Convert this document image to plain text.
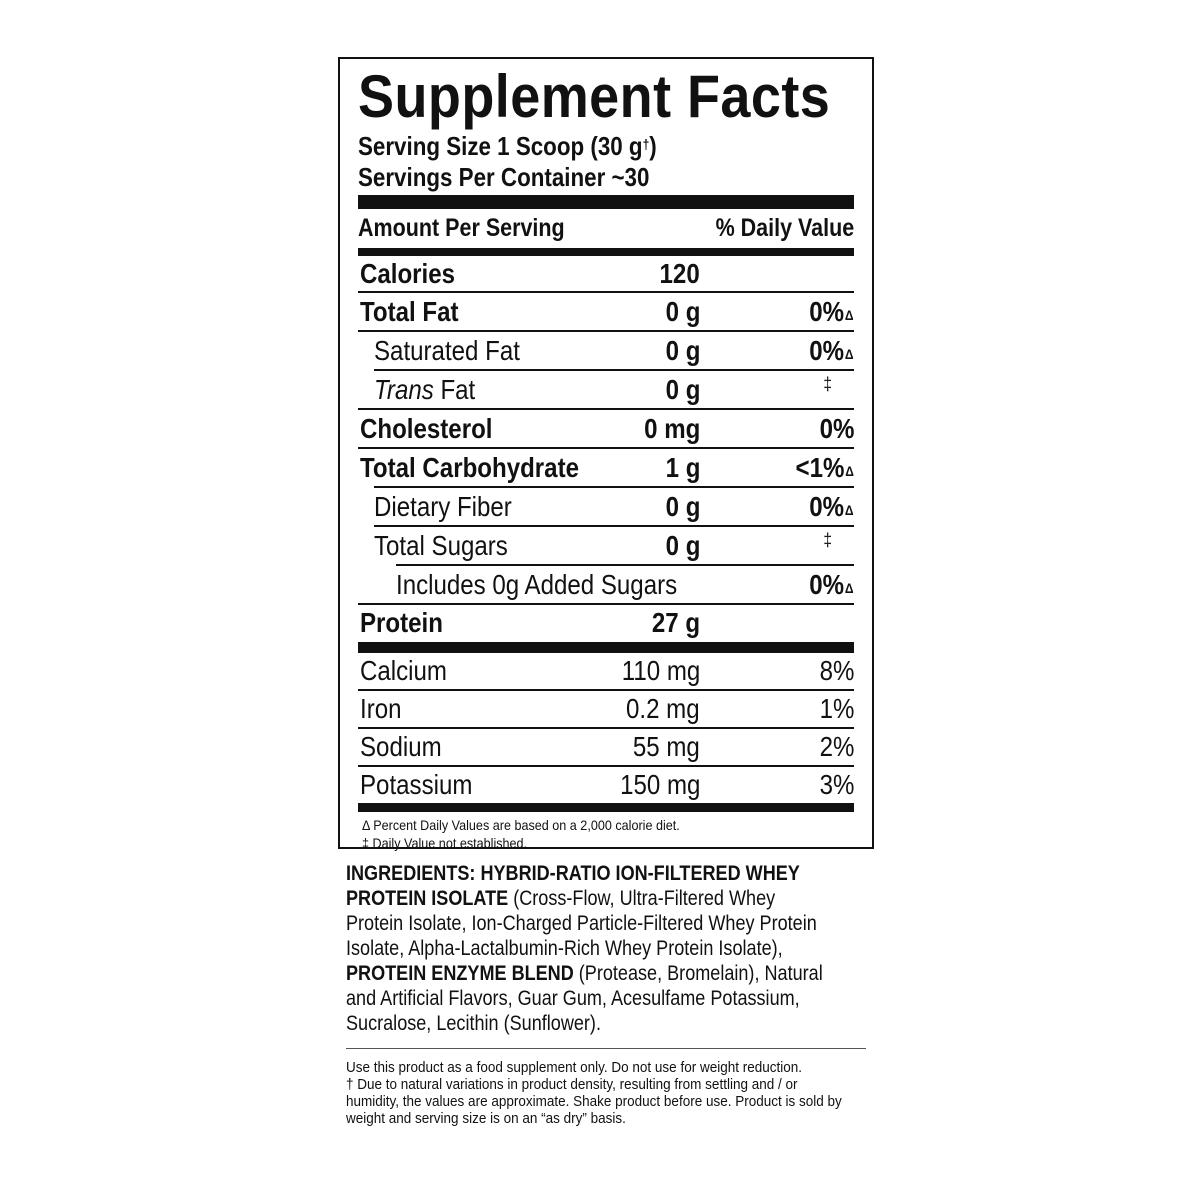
Supplement Facts
Serving Size 1 Scoop (30 g†)
Servings Per Container ~30
Amount Per Serving	% Daily Value
Calories	120
Total Fat	0 g	0%$^\Delta$
Saturated Fat	0 g	0%$^\Delta$
Trans Fat	0 g	‡
Cholesterol	0 mg	0%
Total Carbohydrate	1 g	<1%$^\Delta$
Dietary Fiber	0 g	0%$^\Delta$
Total Sugars	0 g	‡
Includes 0g Added Sugars	0%$^\Delta$
Protein	27 g
Calcium	110 mg	8%
Iron	0.2 mg	1%
Sodium	55 mg	2%
Potassium	150 mg	3%
Δ Percent Daily Values are based on a 2,000 calorie diet.
‡ Daily Value not established.
INGREDIENTS: HYBRID-RATIO ION-FILTERED WHEY
PROTEIN ISOLATE (Cross-Flow, Ultra-Filtered Whey
Protein Isolate, Ion-Charged Particle-Filtered Whey Protein
Isolate, Alpha-Lactalbumin-Rich Whey Protein Isolate),
PROTEIN ENZYME BLEND (Protease, Bromelain), Natural
and Artificial Flavors, Guar Gum, Acesulfame Potassium,
Sucralose, Lecithin (Sunflower).
Use this product as a food supplement only. Do not use for weight reduction.
† Due to natural variations in product density, resulting from settling and / or
humidity, the values are approximate. Shake product before use. Product is sold by
weight and serving size is on an “as dry” basis.
